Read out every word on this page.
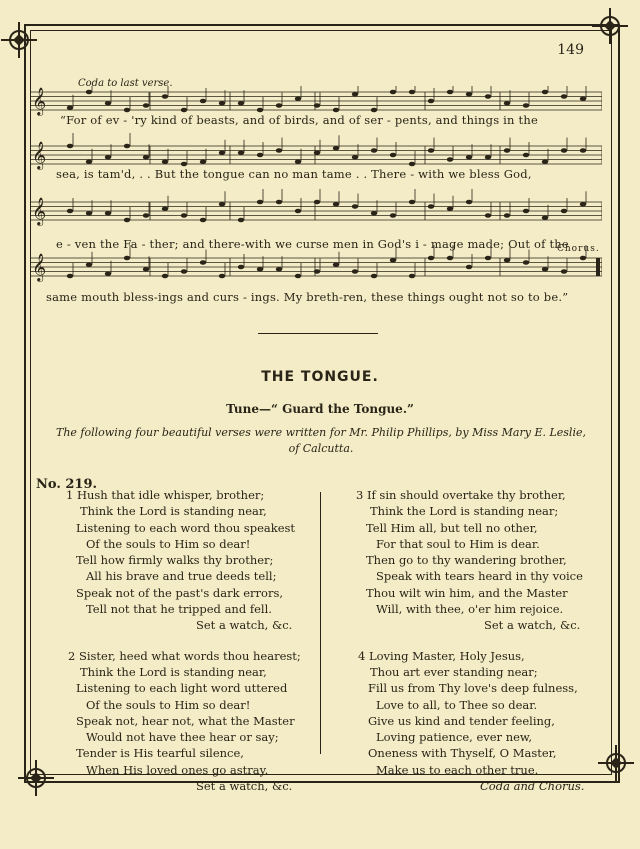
149
Coda to last verse.
Chorus.
𝄞
𝄞
𝄞
𝄞
“For of ev - 'ry kind of beasts, and of birds, and of ser - pents, and things in the
sea, is tam'd, . . But the tongue can no man tame . . There - with we bless God,
e - ven the Fa - ther; and there-with we curse men in God's i - mage made; Out of the
same mouth bless-ings and curs - ings. My breth-ren, these things ought not so to be.”
THE TONGUE.
Tune—“ Guard the Tongue.”
The following four beautiful verses were written for Mr. Philip Phillips, by Miss Mary E. Leslie,
of Calcutta.
No. 219.
1 Hush that idle whisper, brother;
Think the Lord is standing near,
Listening to each word thou speakest
Of the souls to Him so dear!
Tell how firmly walks thy brother;
All his brave and true deeds tell;
Speak not of the past's dark errors,
Tell not that he tripped and fell.
Set a watch, &c.
2 Sister, heed what words thou hearest;
Think the Lord is standing near,
Listening to each light word uttered
Of the souls to Him so dear!
Speak not, hear not, what the Master
Would not have thee hear or say;
Tender is His tearful silence,
When His loved ones go astray.
Set a watch, &c.
3 If sin should overtake thy brother,
Think the Lord is standing near;
Tell Him all, but tell no other,
For that soul to Him is dear.
Then go to thy wandering brother,
Speak with tears heard in thy voice
Thou wilt win him, and the Master
Will, with thee, o'er him rejoice.
Set a watch, &c.
4 Loving Master, Holy Jesus,
Thou art ever standing near;
Fill us from Thy love's deep fulness,
Love to all, to Thee so dear.
Give us kind and tender feeling,
Loving patience, ever new,
Oneness with Thyself, O Master,
Make us to each other true.
Coda and Chorus.
